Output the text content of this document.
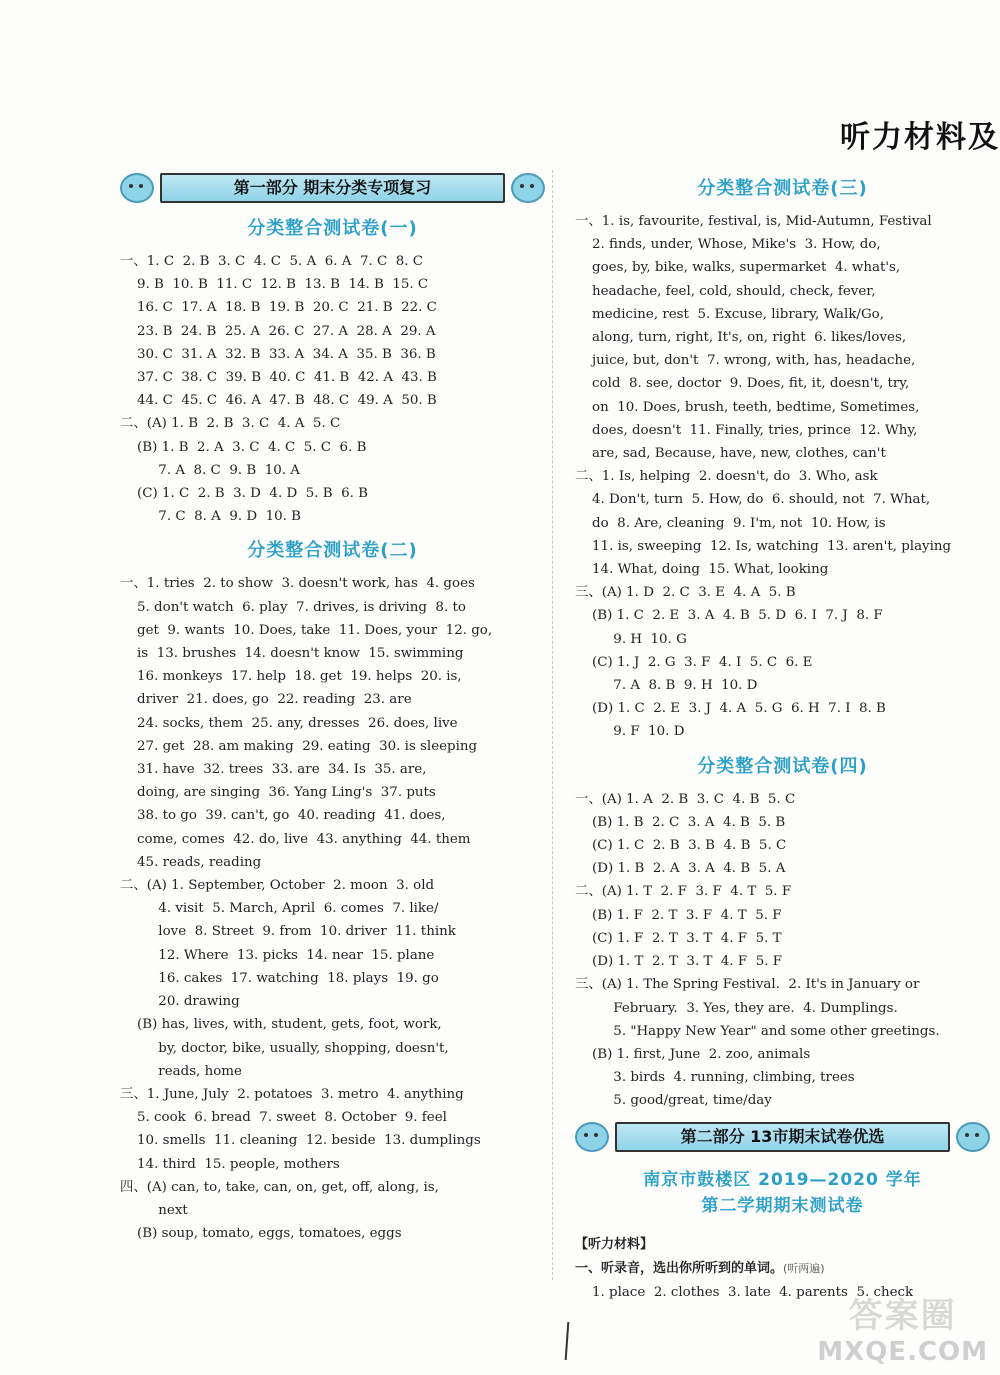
听力材料及
第一部分 期末分类专项复习
分类整合测试卷(一)
一、1. C  2. B  3. C  4. C  5. A  6. A  7. C  8. C
9. B  10. B  11. C  12. B  13. B  14. B  15. C
16. C  17. A  18. B  19. B  20. C  21. B  22. C
23. B  24. B  25. A  26. C  27. A  28. A  29. A
30. C  31. A  32. B  33. A  34. A  35. B  36. B
37. C  38. C  39. B  40. C  41. B  42. A  43. B
44. C  45. C  46. A  47. B  48. C  49. A  50. B
二、(A) 1. B  2. B  3. C  4. A  5. C
(B) 1. B  2. A  3. C  4. C  5. C  6. B
7. A  8. C  9. B  10. A
(C) 1. C  2. B  3. D  4. D  5. B  6. B
7. C  8. A  9. D  10. B
分类整合测试卷(二)
一、1. tries  2. to show  3. doesn't work, has  4. goes
5. don't watch  6. play  7. drives, is driving  8. to
get  9. wants  10. Does, take  11. Does, your  12. go,
is  13. brushes  14. doesn't know  15. swimming
16. monkeys  17. help  18. get  19. helps  20. is,
driver  21. does, go  22. reading  23. are
24. socks, them  25. any, dresses  26. does, live
27. get  28. am making  29. eating  30. is sleeping
31. have  32. trees  33. are  34. Is  35. are,
doing, are singing  36. Yang Ling's  37. puts
38. to go  39. can't, go  40. reading  41. does,
come, comes  42. do, live  43. anything  44. them
45. reads, reading
二、(A) 1. September, October  2. moon  3. old
4. visit  5. March, April  6. comes  7. like/
love  8. Street  9. from  10. driver  11. think
12. Where  13. picks  14. near  15. plane
16. cakes  17. watching  18. plays  19. go
20. drawing
(B) has, lives, with, student, gets, foot, work,
by, doctor, bike, usually, shopping, doesn't,
reads, home
三、1. June, July  2. potatoes  3. metro  4. anything
5. cook  6. bread  7. sweet  8. October  9. feel
10. smells  11. cleaning  12. beside  13. dumplings
14. third  15. people, mothers
四、(A) can, to, take, can, on, get, off, along, is,
next
(B) soup, tomato, eggs, tomatoes, eggs
分类整合测试卷(三)
一、1. is, favourite, festival, is, Mid-Autumn, Festival
2. finds, under, Whose, Mike's  3. How, do,
goes, by, bike, walks, supermarket  4. what's,
headache, feel, cold, should, check, fever,
medicine, rest  5. Excuse, library, Walk/Go,
along, turn, right, It's, on, right  6. likes/loves,
juice, but, don't  7. wrong, with, has, headache,
cold  8. see, doctor  9. Does, fit, it, doesn't, try,
on  10. Does, brush, teeth, bedtime, Sometimes,
does, doesn't  11. Finally, tries, prince  12. Why,
are, sad, Because, have, new, clothes, can't
二、1. Is, helping  2. doesn't, do  3. Who, ask
4. Don't, turn  5. How, do  6. should, not  7. What,
do  8. Are, cleaning  9. I'm, not  10. How, is
11. is, sweeping  12. Is, watching  13. aren't, playing
14. What, doing  15. What, looking
三、(A) 1. D  2. C  3. E  4. A  5. B
(B) 1. C  2. E  3. A  4. B  5. D  6. I  7. J  8. F
9. H  10. G
(C) 1. J  2. G  3. F  4. I  5. C  6. E
7. A  8. B  9. H  10. D
(D) 1. C  2. E  3. J  4. A  5. G  6. H  7. I  8. B
9. F  10. D
分类整合测试卷(四)
一、(A) 1. A  2. B  3. C  4. B  5. C
(B) 1. B  2. C  3. A  4. B  5. B
(C) 1. C  2. B  3. B  4. B  5. C
(D) 1. B  2. A  3. A  4. B  5. A
二、(A) 1. T  2. F  3. F  4. T  5. F
(B) 1. F  2. T  3. F  4. T  5. F
(C) 1. F  2. T  3. T  4. F  5. T
(D) 1. T  2. T  3. T  4. F  5. F
三、(A) 1. The Spring Festival.  2. It's in January or
February.  3. Yes, they are.  4. Dumplings.
5. "Happy New Year" and some other greetings.
(B) 1. first, June  2. zoo, animals
3. birds  4. running, climbing, trees
5. good/great, time/day
第二部分 13市期末试卷优选
南京市鼓楼区 2019—2020 学年
第二学期期末测试卷
【听力材料】
一、听录音，选出你所听到的单词。(听两遍)
1. place  2. clothes  3. late  4. parents  5. check
答案圈
MXQE.COM
